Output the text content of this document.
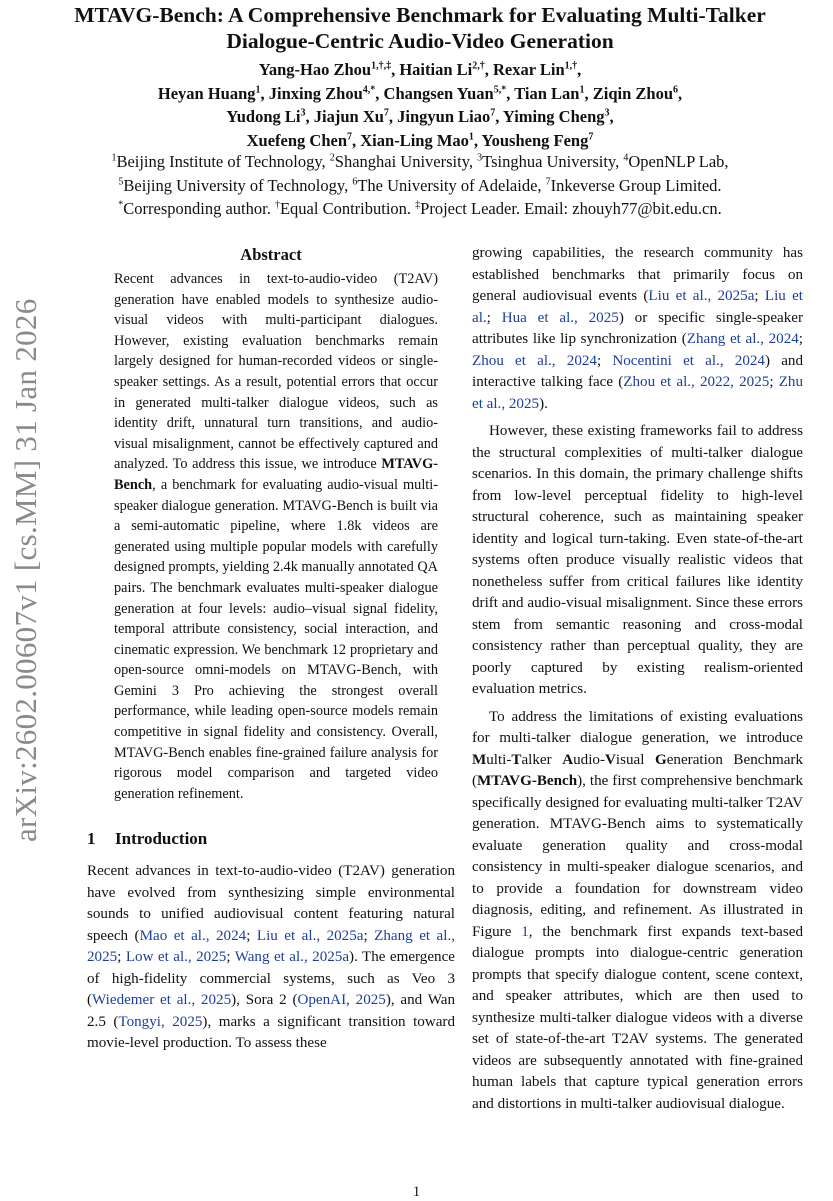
MTAVG-Bench: A Comprehensive Benchmark for Evaluating Multi-Talker Dialogue-Centric Audio-Video Generation
Yang-Hao Zhou$^{1,\dagger,\ddagger}$, Haitian $Li^{2,\dagger}$, Rexar Lin$^{1,\dagger}$,
Heyan Huang$^1$, Jinxing Zhou$^{4,*}$, Changsen Yuan$^{5,*}$, Tian Lan$^1$, Ziqin Zhou$^6$,
Yudong Li$^3$, Jiajun Xu$^7$, Jingyun Liao$^7$, Yiming Cheng$^3$,
Xuefeng Chen$^7$, Xian-Ling Mao$^1$, Yousheng Feng$^7$
$^1$Beijing Institute of Technology, $^2$Shanghai University, $^3$Tsinghua University, $^4$OpenNLP Lab,
$^5$Beijing University of Technology, $^6$The University of Adelaide, $^7$Inkeverse Group Limited.
*Corresponding author. †Equal Contribution. ‡Project Leader. Email: zhouyh77@bit.edu.cn.
arXiv:2602.00607v1 [cs.MM] 31 Jan 2026
Abstract

Recent advances in text-to-audio-video (T2AV) generation have enabled models to synthesize audio-visual videos with multi-participant dialogues. However, existing evaluation benchmarks remain largely designed for human-recorded videos or single-speaker settings. As a result, potential errors that occur in generated multi-talker dialogue videos, such as identity drift, unnatural turn transitions, and audio-visual misalignment, cannot be effectively captured and analyzed. To address this issue, we introduce MTAVG-Bench, a benchmark for evaluating audio-visual multi-speaker dialogue generation. MTAVG-Bench is built via a semi-automatic pipeline, where 1.8k videos are generated using multiple popular models with carefully designed prompts, yielding 2.4k manually annotated QA pairs. The benchmark evaluates multi-speaker dialogue generation at four levels: audio–visual signal fidelity, temporal attribute consistency, social interaction, and cinematic expression. We benchmark 12 proprietary and open-source omni-models on MTAVG-Bench, with Gemini 3 Pro achieving the strongest overall performance, while leading open-source models remain competitive in signal fidelity and consistency. Overall, MTAVG-Bench enables fine-grained failure analysis for rigorous model comparison and targeted video generation refinement.

1 Introduction

Recent advances in text-to-audio-video (T2AV) generation have evolved from synthesizing simple environmental sounds to unified audiovisual content featuring natural speech (Mao et al., 2024; Liu et al., 2025a; Zhang et al., 2025; Low et al., 2025; Wang et al., 2025a). The emergence of high-fidelity commercial systems, such as Veo 3 (Wiedemer et al., 2025), Sora 2 (OpenAI, 2025), and Wan 2.5 (Tongyi, 2025), marks a significant transition toward movie-level production. To assess these

growing capabilities, the research community has established benchmarks that primarily focus on general audiovisual events (Liu et al., 2025a; Liu et al.; Hua et al., 2025) or specific single-speaker attributes like lip synchronization (Zhang et al., 2024; Zhou et al., 2024; Nocentini et al., 2024) and interactive talking face (Zhou et al., 2022, 2025; Zhu et al., 2025).

However, these existing frameworks fail to address the structural complexities of multi-talker dialogue scenarios. In this domain, the primary challenge shifts from low-level perceptual fidelity to high-level structural coherence, such as maintaining speaker identity and logical turn-taking. Even state-of-the-art systems often produce visually realistic videos that nonetheless suffer from critical failures like identity drift and audio-visual misalignment. Since these errors stem from semantic reasoning and cross-modal consistency rather than perceptual quality, they are poorly captured by existing realism-oriented evaluation metrics.

To address the limitations of existing evaluations for multi-talker dialogue generation, we introduce Multi-Talker Audio-Visual Generation Benchmark (MTAVG-Bench), the first comprehensive benchmark specifically designed for evaluating multi-talker T2AV generation. MTAVG-Bench aims to systematically evaluate generation quality and cross-modal consistency in multi-speaker dialogue scenarios, and to provide a foundation for downstream video diagnosis, editing, and refinement. As illustrated in Figure 1, the benchmark first expands text-based dialogue prompts into dialogue-centric generation prompts that specify dialogue content, scene context, and speaker attributes, which are then used to synthesize multi-talker dialogue videos with a diverse set of state-of-the-art T2AV systems. The generated videos are subsequently annotated with fine-grained human labels that capture typical generation errors and distortions in multi-talker audiovisual dialogue.

1
